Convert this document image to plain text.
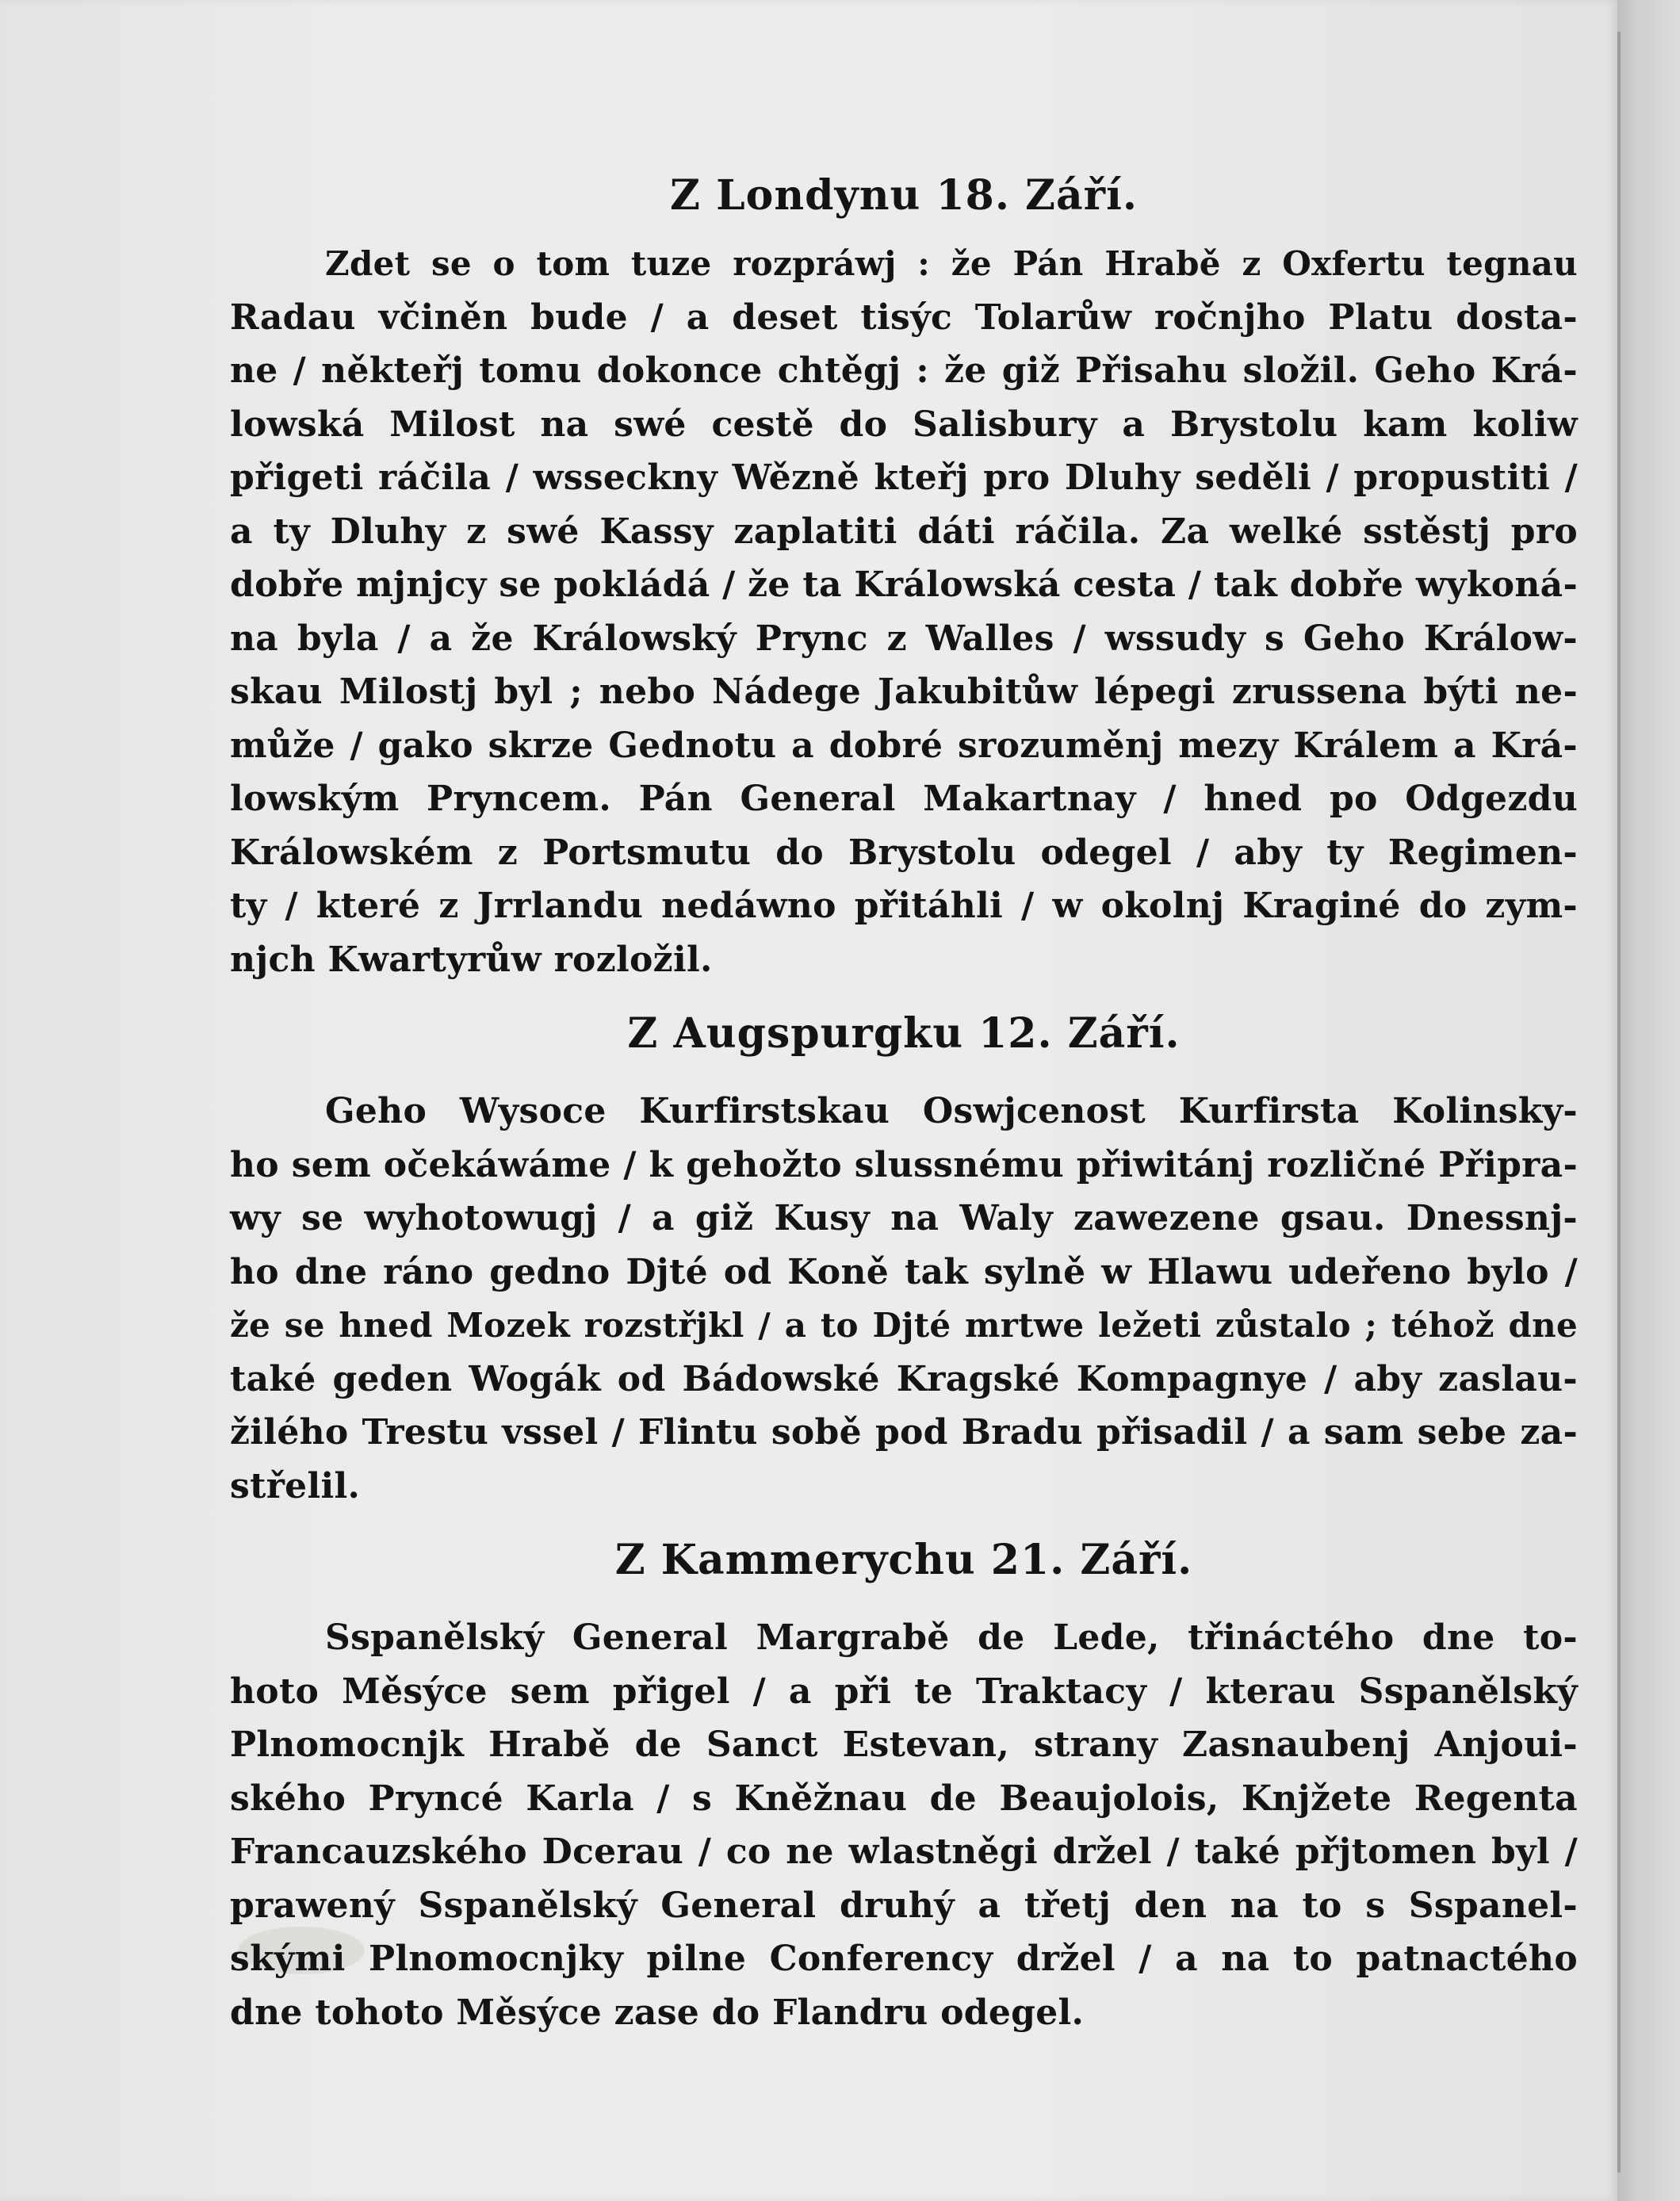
Z Londynu 18. Září.

Zdet se o tom tuze rozpráwj : že Pán Hrabě z Oxfertu tegnau

Radau včiněn bude / a deset tisýc Tolarůw ročnjho Platu dosta-

ne / někteřj tomu dokonce chtěgj : že giž Přisahu složil. Geho Krá-

lowská Milost na swé cestě do Salisbury a Brystolu kam koliw

přigeti ráčila / wsseckny Wězně kteřj pro Dluhy seděli / propustiti /

a ty Dluhy z swé Kassy zaplatiti dáti ráčila. Za welké sstěstj pro

dobře mjnjcy se pokládá / že ta Králowská cesta / tak dobře wykoná-

na byla / a že Králowský Prync z Walles / wssudy s Geho Králow-

skau Milostj byl ; nebo Nádege Jakubitůw lépegi zrussena býti ne-

může / gako skrze Gednotu a dobré srozuměnj mezy Králem a Krá-

lowským Pryncem. Pán General Makartnay / hned po Odgezdu

Králowském z Portsmutu do Brystolu odegel / aby ty Regimen-

ty / které z Jrrlandu nedáwno přitáhli / w okolnj Kraginé do zym-

njch Kwartyrůw rozložil.

Z Augspurgku 12. Září.

Geho Wysoce Kurfirstskau Oswjcenost Kurfirsta Kolinsky-

ho sem očekáwáme / k gehožto slussnému přiwitánj rozličné Připra-

wy se wyhotowugj / a giž Kusy na Waly zawezene gsau. Dnessnj-

ho dne ráno gedno Djté od Koně tak sylně w Hlawu udeřeno bylo /

že se hned Mozek rozstřjkl / a to Djté mrtwe ležeti zůstalo ; téhož dne

také geden Wogák od Bádowské Kragské Kompagnye / aby zaslau-

žilého Trestu vssel / Flintu sobě pod Bradu přisadil / a sam sebe za-

střelil.

Z Kammerychu 21. Září.

Sspanělský General Margrabě de Lede, třináctého dne to-

hoto Měsýce sem přigel / a při te Traktacy / kterau Sspanělský

Plnomocnjk Hrabě de Sanct Estevan, strany Zasnaubenj Anjoui-

ského Pryncé Karla / s Kněžnau de Beaujolois, Knjžete Regenta

Francauzského Dcerau / co ne wlastněgi držel / také přjtomen byl /

prawený Sspanělský General druhý a třetj den na to s Sspanel-

skými Plnomocnjky pilne Conferency držel / a na to patnactého

dne tohoto Měsýce zase do Flandru odegel.
